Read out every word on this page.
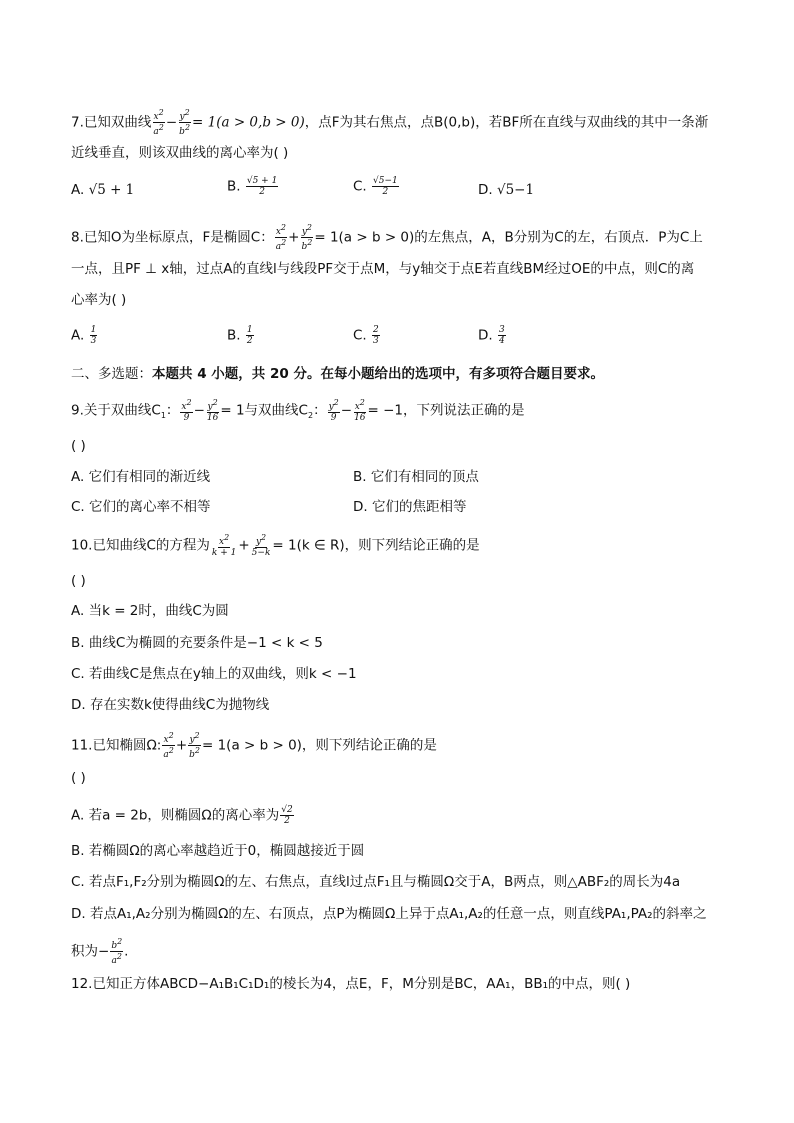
7.已知双曲线 $\frac{x^2}{a^2} - \frac{y^2}{b^2} = 1(a > 0,b > 0)$，点F为其右焦点，点B(0,b)，若BF所在直线与双曲线的其中一条渐
近线垂直，则该双曲线的离心率为( )
A. √5 + 1	B. $\frac{√5 + 1}{2}$	C. $\frac{√5-1}{2}$	D. √5−1
8.已知O为坐标原点，F是椭圆C： $\frac{x^2}{a^2} + \frac{y^2}{b^2} = 1(a > b > 0)$的左焦点，A，B分别为C的左，右顶点．P为C上
一点，且PF ⊥ x轴，过点A的直线l与线段PF交于点M，与y轴交于点E若直线BM经过OE的中点，则C的离
心率为( )
A. $\frac{1}{3}$	B. $\frac{1}{2}$	C. $\frac{2}{3}$	D. $\frac{3}{4}$
二、多选题：本题共 4 小题，共 20 分。在每小题给出的选项中，有多项符合题目要求。
9.关于双曲线$C_1$： $\frac{x^2}{9} - \frac{y^2}{16} = 1$与双曲线$C_2$： $\frac{y^2}{9} - \frac{x^2}{16} = -1$，下列说法正确的是
( )
A. 它们有相同的渐近线	B. 它们有相同的顶点
C. 它们的离心率不相等	D. 它们的焦距相等
10.已知曲线C的方程为 $\frac{x^2}{k + 1} + \frac{y^2}{5-k} = 1(k$ ∈ R)，则下列结论正确的是
( )
A. 当k = 2时，曲线C为圆
B. 曲线C为椭圆的充要条件是−1 < k < 5
C. 若曲线C是焦点在y轴上的双曲线，则k < −1
D. 存在实数k使得曲线C为抛物线
11.已知椭圆Ω: $\frac{x^2}{a^2} + \frac{y^2}{b^2} = 1(a > b > 0)$，则下列结论正确的是
( )
A. 若a = 2b，则椭圆Ω的离心率为 $\frac{√2}{2}$
B. 若椭圆Ω的离心率越趋近于0，椭圆越接近于圆
C. 若点F₁,F₂分别为椭圆Ω的左、右焦点，直线l过点F₁且与椭圆Ω交于A，B两点，则△ABF₂的周长为4a
D. 若点A₁,A₂分别为椭圆Ω的左、右顶点，点P为椭圆Ω上异于点A₁,A₂的任意一点，则直线PA₁,PA₂的斜率之
积为− $\frac{b^2}{a^2}$ .
12.已知正方体ABCD−A₁B₁C₁D₁的棱长为4，点E，F，M分别是BC，AA₁，BB₁的中点，则( )
